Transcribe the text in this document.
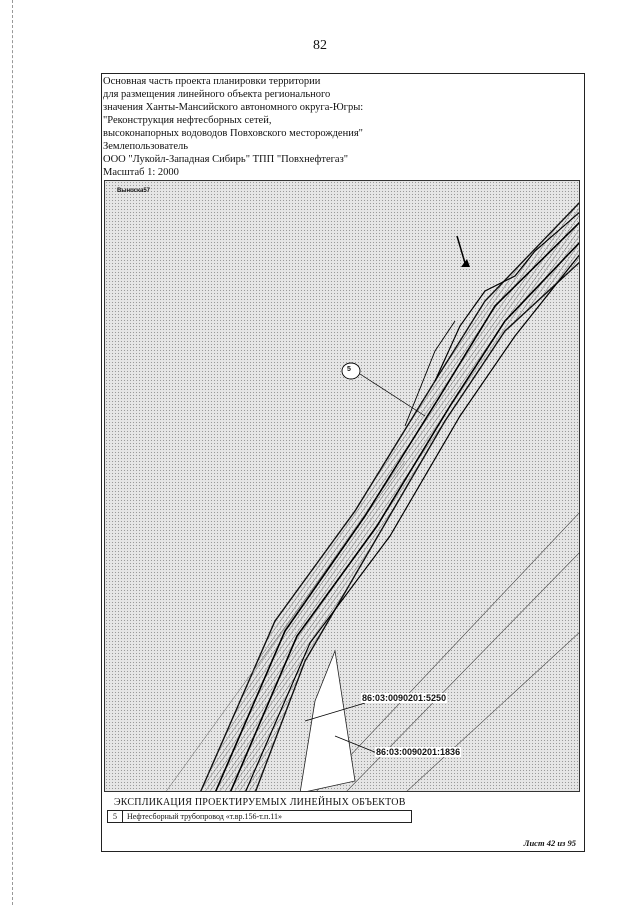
82
Основная часть проекта планировки территории
для размещения линейного объекта регионального
значения Ханты-Мансийского автономного округа-Югры:
"Реконструкция нефтесборных сетей,
высоконапорных водоводов Повховского месторождения"
Землепользователь
ООО "Лукойл-Западная Сибирь" ТПП "Повхнефтегаз"
Масштаб 1: 2000
Выноска57
5
86:03:0090201:5250
86:03:0090201:1836
ЭКСПЛИКАЦИЯ ПРОЕКТИРУЕМЫХ ЛИНЕЙНЫХ ОБЪЕКТОВ
5	Нефтесборный трубопровод «т.вр.156-т.п.11»
Лист 42 из 95
